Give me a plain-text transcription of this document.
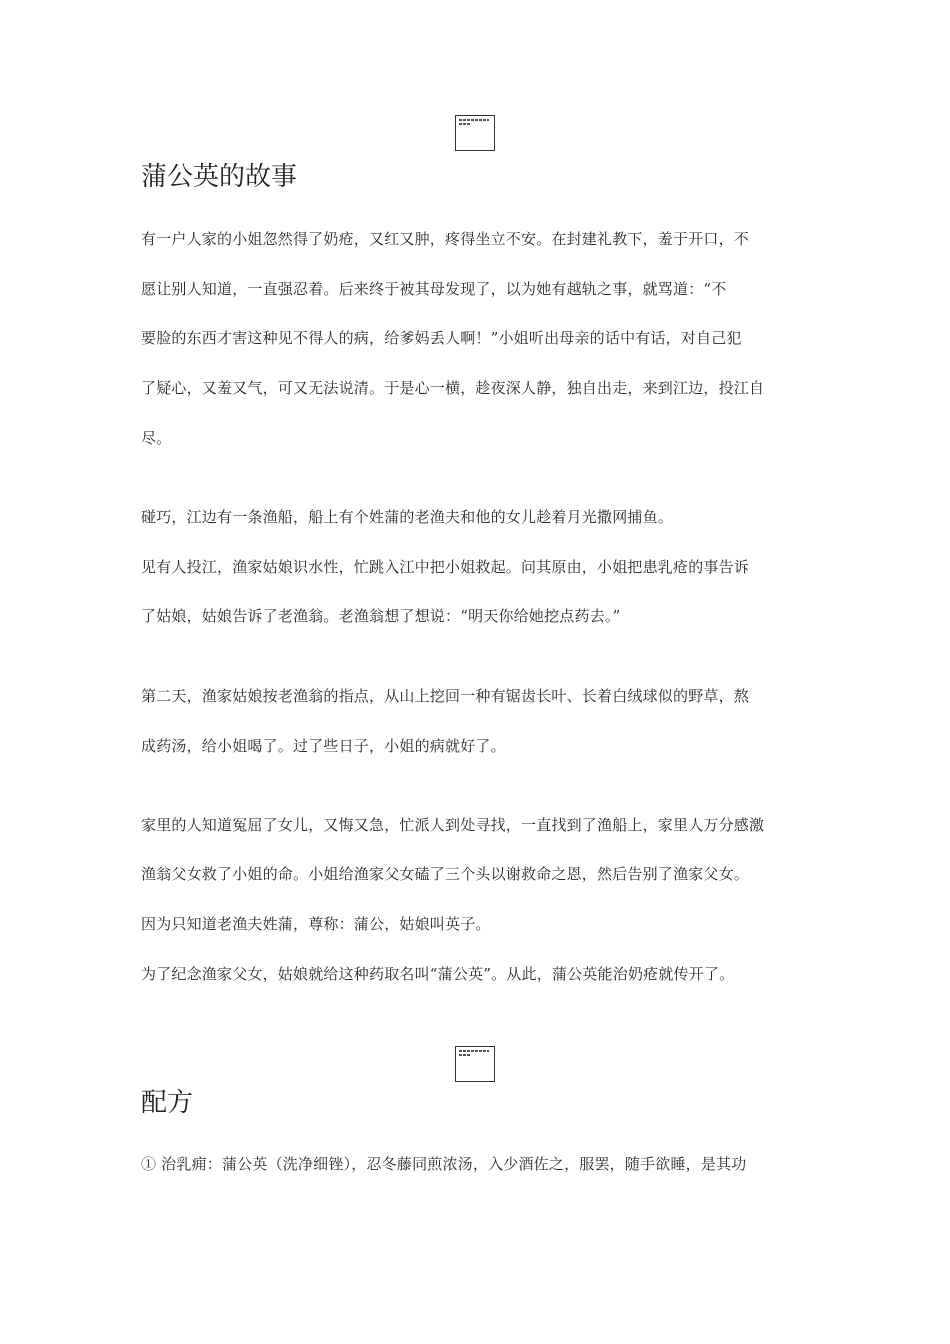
蒲公英的故事
有一户人家的小姐忽然得了奶疮，又红又肿，疼得坐立不安。在封建礼教下，羞于开口，不
愿让别人知道，一直强忍着。后来终于被其母发现了，以为她有越轨之事，就骂道：“不
要脸的东西才害这种见不得人的病，给爹妈丢人啊！”小姐听出母亲的话中有话，对自己犯
了疑心，又羞又气，可又无法说清。于是心一横，趁夜深人静，独自出走，来到江边，投江自
尽。
碰巧，江边有一条渔船，船上有个姓蒲的老渔夫和他的女儿趁着月光撒网捕鱼。
见有人投江，渔家姑娘识水性，忙跳入江中把小姐救起。问其原由，小姐把患乳疮的事告诉
了姑娘，姑娘告诉了老渔翁。老渔翁想了想说：“明天你给她挖点药去。”
第二天，渔家姑娘按老渔翁的指点，从山上挖回一种有锯齿长叶、长着白绒球似的野草，熬
成药汤，给小姐喝了。过了些日子，小姐的病就好了。
家里的人知道冤屈了女儿，又悔又急，忙派人到处寻找，一直找到了渔船上，家里人万分感激
渔翁父女救了小姐的命。小姐给渔家父女磕了三个头以谢救命之恩，然后告别了渔家父女。
因为只知道老渔夫姓蒲，尊称：蒲公，姑娘叫英子。
为了纪念渔家父女，姑娘就给这种药取名叫“蒲公英”。从此，蒲公英能治奶疮就传开了。
配方
① 治乳痈：蒲公英（洗净细锉），忍冬藤同煎浓汤，入少酒佐之，服罢，随手欲睡，是其功
